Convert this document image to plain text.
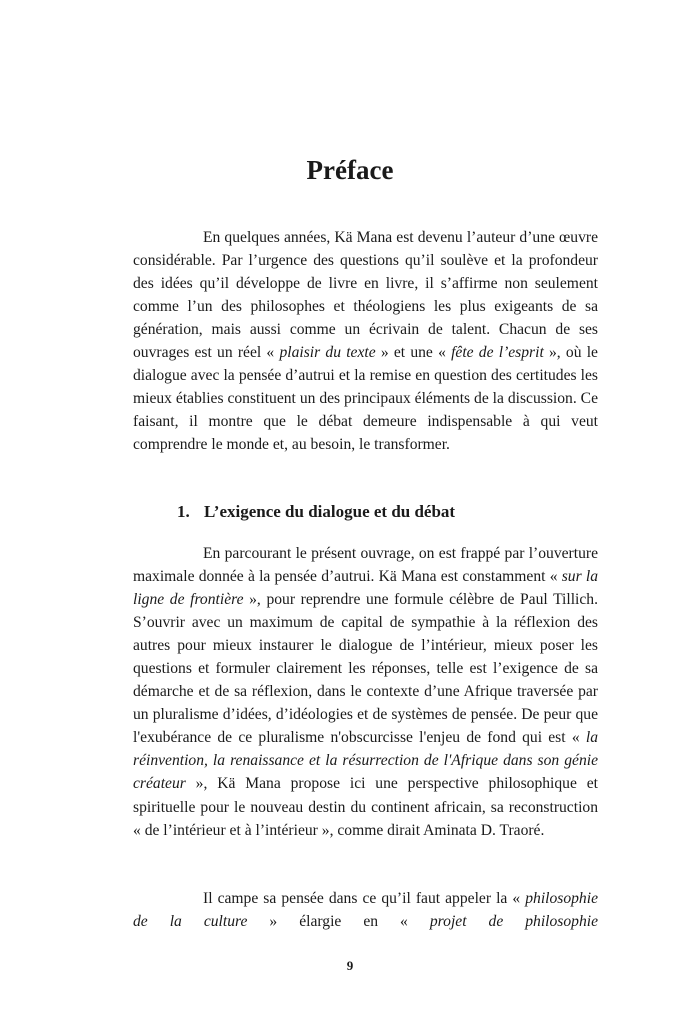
Préface

En quelques années, Kä Mana est devenu l’auteur d’une œuvre considérable. Par l’urgence des questions qu’il soulève et la profondeur des idées qu’il développe de livre en livre, il s’affirme non seulement comme l’un des philosophes et théologiens les plus exigeants de sa génération, mais aussi comme un écrivain de talent. Chacun de ses ouvrages est un réel « plaisir du texte » et une « fête de l’esprit », où le dialogue avec la pensée d’autrui et la remise en question des certitudes les mieux établies constituent un des principaux éléments de la discussion. Ce faisant, il montre que le débat demeure indispensable à qui veut comprendre le monde et, au besoin, le transformer.

1. L’exigence du dialogue et du débat

En parcourant le présent ouvrage, on est frappé par l’ouverture maximale donnée à la pensée d’autrui. Kä Mana est constamment « sur la ligne de frontière », pour reprendre une formule célèbre de Paul Tillich. S’ouvrir avec un maximum de capital de sympathie à la réflexion des autres pour mieux instaurer le dialogue de l’intérieur, mieux poser les questions et formuler clairement les réponses, telle est l’exigence de sa démarche et de sa réflexion, dans le contexte d’une Afrique traversée par un pluralisme d’idées, d’idéologies et de systèmes de pensée. De peur que l'exubérance de ce pluralisme n'obscurcisse l'enjeu de fond qui est « la réinvention, la renaissance et la résurrection de l'Afrique dans son génie créateur », Kä Mana propose ici une perspective philosophique et spirituelle pour le nouveau destin du continent africain, sa reconstruction « de l’intérieur et à l’intérieur », comme dirait Aminata D. Traoré.

Il campe sa pensée dans ce qu’il faut appeler la « philosophie de la culture » élargie en « projet de philosophie

9
